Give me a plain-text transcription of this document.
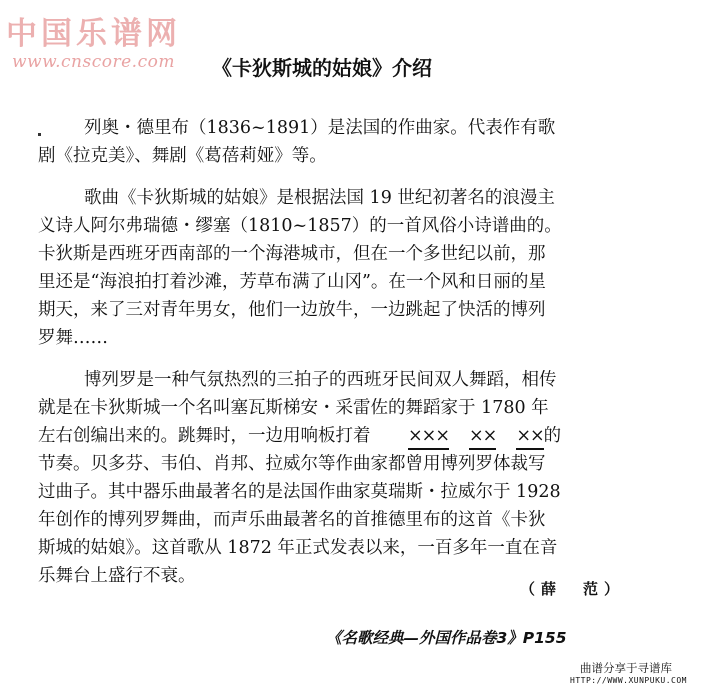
中国乐谱网
www.cnscore.com 《卡狄斯城的姑娘》介绍
列奥・德里布（1836~1891）是法国的作曲家。代表作有歌
剧《拉克美》、舞剧《葛蓓莉娅》等。
歌曲《卡狄斯城的姑娘》是根据法国 19 世纪初著名的浪漫主
义诗人阿尔弗瑞德・缪塞（1810~1857）的一首风俗小诗谱曲的。
卡狄斯是西班牙西南部的一个海港城市，但在一个多世纪以前，那
里还是“海浪拍打着沙滩，芳草布满了山冈”。在一个风和日丽的星
期天，来了三对青年男女，他们一边放牛，一边跳起了快活的博列
罗舞……
博列罗是一种气氛热烈的三拍子的西班牙民间双人舞蹈，相传
就是在卡狄斯城一个名叫塞瓦斯梯安・采雷佐的舞蹈家于 1780 年
左右创编出来的。跳舞时，一边用响板打着 ××× ×× ××的
节奏。贝多芬、韦伯、肖邦、拉威尔等作曲家都曾用博列罗体裁写
过曲子。其中器乐曲最著名的是法国作曲家莫瑞斯・拉威尔于 1928
年创作的博列罗舞曲，而声乐曲最著名的首推德里布的这首《卡狄
斯城的姑娘》。这首歌从 1872 年正式发表以来，一百多年一直在音
乐舞台上盛行不衰。
（薛　范）
《名歌经典—外国作品卷3》P155
曲谱分享于寻谱库
HTTP://WWW.XUNPUKU.COM
